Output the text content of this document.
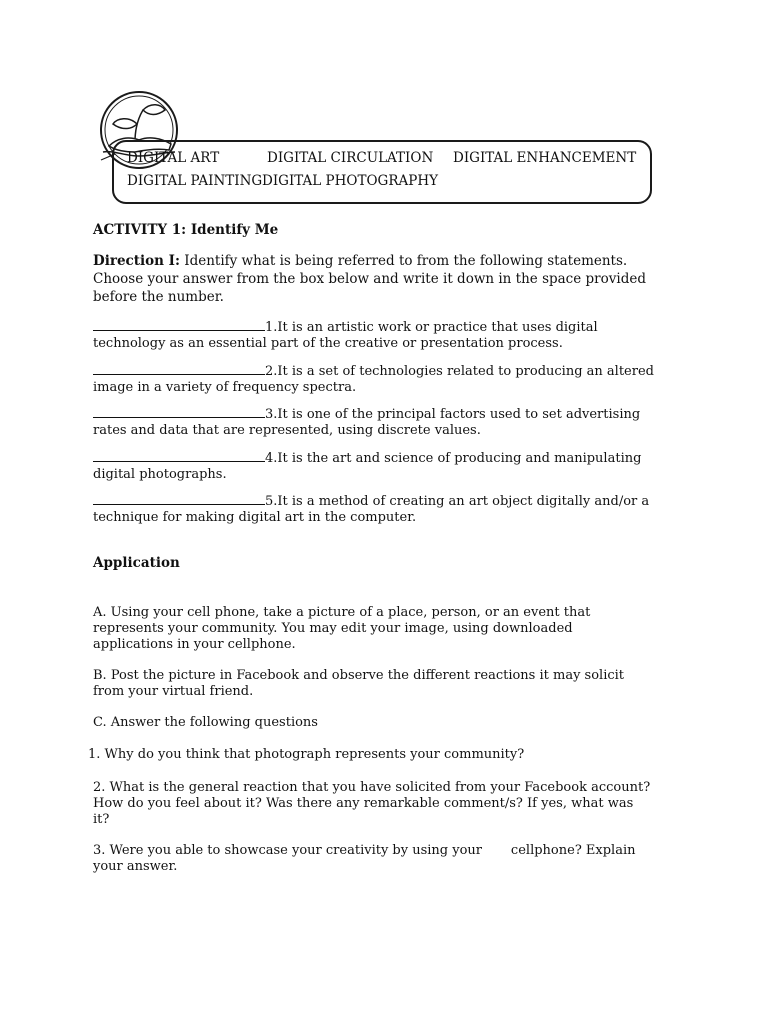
DIGITAL ART	DIGITAL CIRCULATION DIGITAL ENHANCEMENT
DIGITAL PAINTING DIGITAL PHOTOGRAPHY
ACTIVITY 1: Identify Me
Direction I: Identify what is being referred to from the following statements.
Choose your answer from the box below and write it down in the space provided
before the number.
1.It is an artistic work or practice that uses digital
technology as an essential part of the creative or presentation process.
2.It is a set of technologies related to producing an altered
image in a variety of frequency spectra.
3.It is one of the principal factors used to set advertising
rates and data that are represented, using discrete values.
4.It is the art and science of producing and manipulating
digital photographs.
5.It is a method of creating an art object digitally and/or a
technique for making digital art in the computer.
Application
A. Using your cell phone, take a picture of a place, person, or an event that
represents your community. You may edit your image, using downloaded
applications in your cellphone.
B. Post the picture in Facebook and observe the different reactions it may solicit
from your virtual friend.
C. Answer the following questions
1. Why do you think that photograph represents your community?
2. What is the general reaction that you have solicited from your Facebook account?
How do you feel about it? Was there any remarkable comment/s? If yes, what was
it?
3. Were you able to showcase your creativity by using your       cellphone? Explain
your answer.
